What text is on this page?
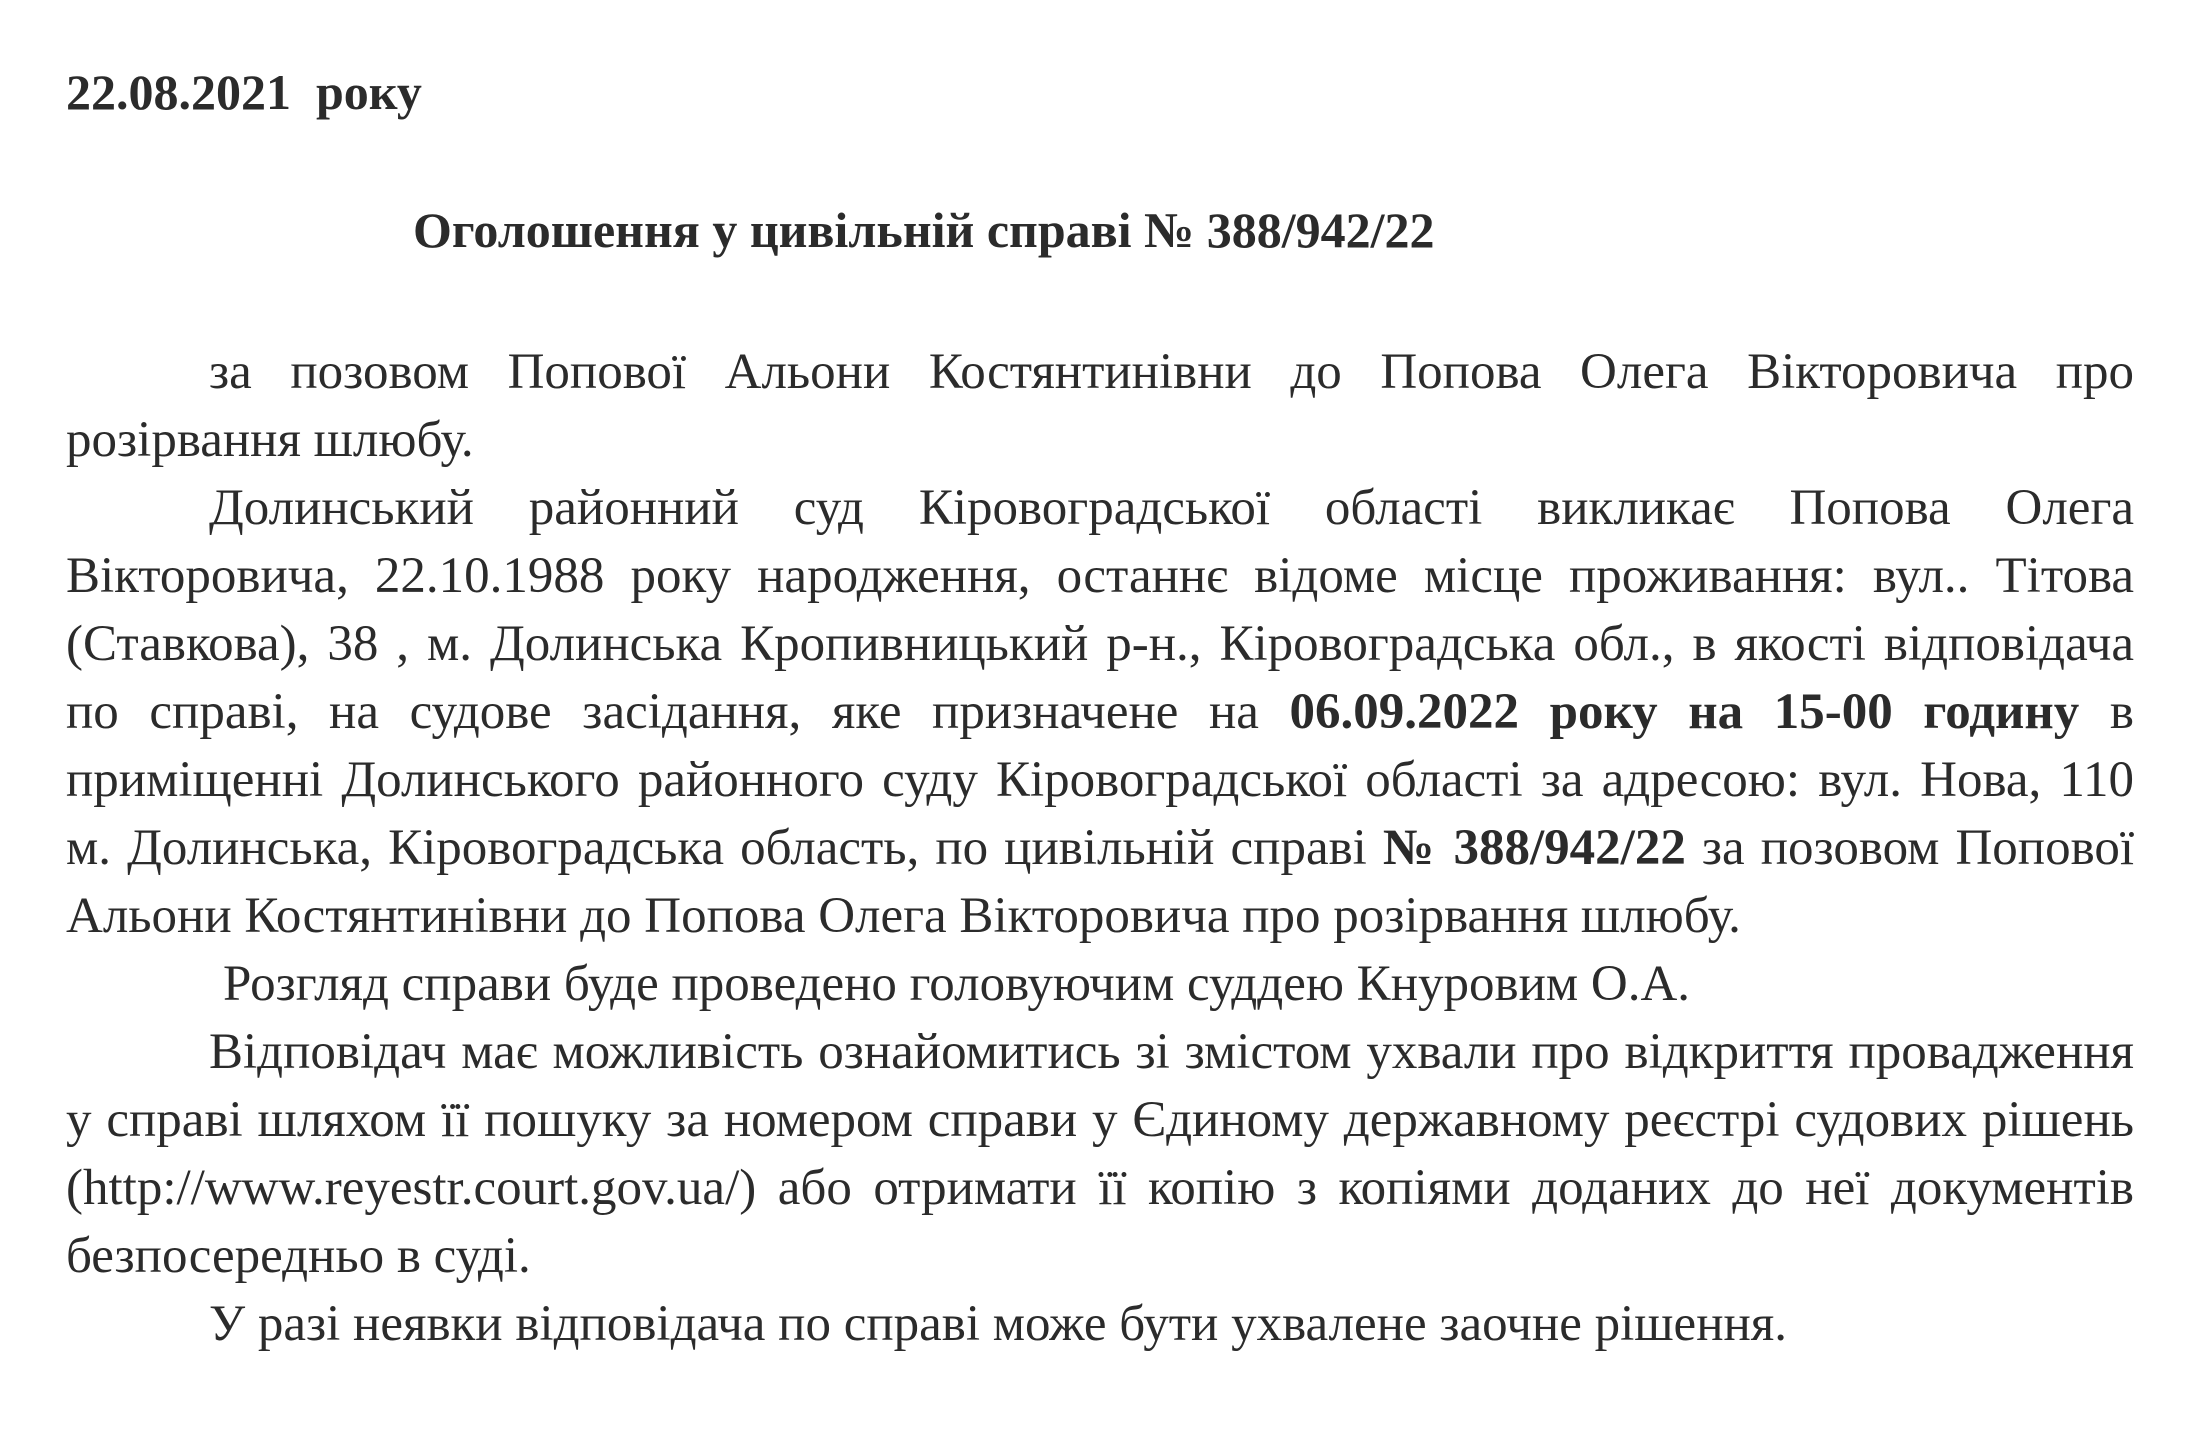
22.08.2021  року
Оголошення у цивільній справі № 388/942/22

за позовом Попової Альони Костянтинівни до Попова Олега Вікторовича про розірвання шлюбу.

Долинський районний суд Кіровоградської області викликає Попова Олега Вікторовича, 22.10.1988 року народження, останнє відоме місце проживання: вул.. Тітова (Ставкова), 38 , м. Долинська Кропивницький р-н., Кіровоградська обл., в якості відповідача по справі, на судове засідання, яке призначене на 06.09.2022 року на 15-00 годину в приміщенні Долинського районного суду Кіровоградської області за адресою: вул. Нова, 110 м. Долинська, Кіровоградська область, по цивільній справі № 388/942/22 за позовом Попової Альони Костянтинівни до Попова Олега Вікторовича про розірвання шлюбу.

Розгляд справи буде проведено головуючим суддею Кнуровим О.А.

Відповідач має можливість ознайомитись зі змістом ухвали про відкриття провадження у справі шляхом її пошуку за номером справи у Єдиному державному реєстрі судових рішень (http://www.reyestr.court.gov.ua/) або отримати її копію з копіями доданих до неї документів безпосередньо в суді.

У разі неявки відповідача по справі може бути ухвалене заочне рішення.
